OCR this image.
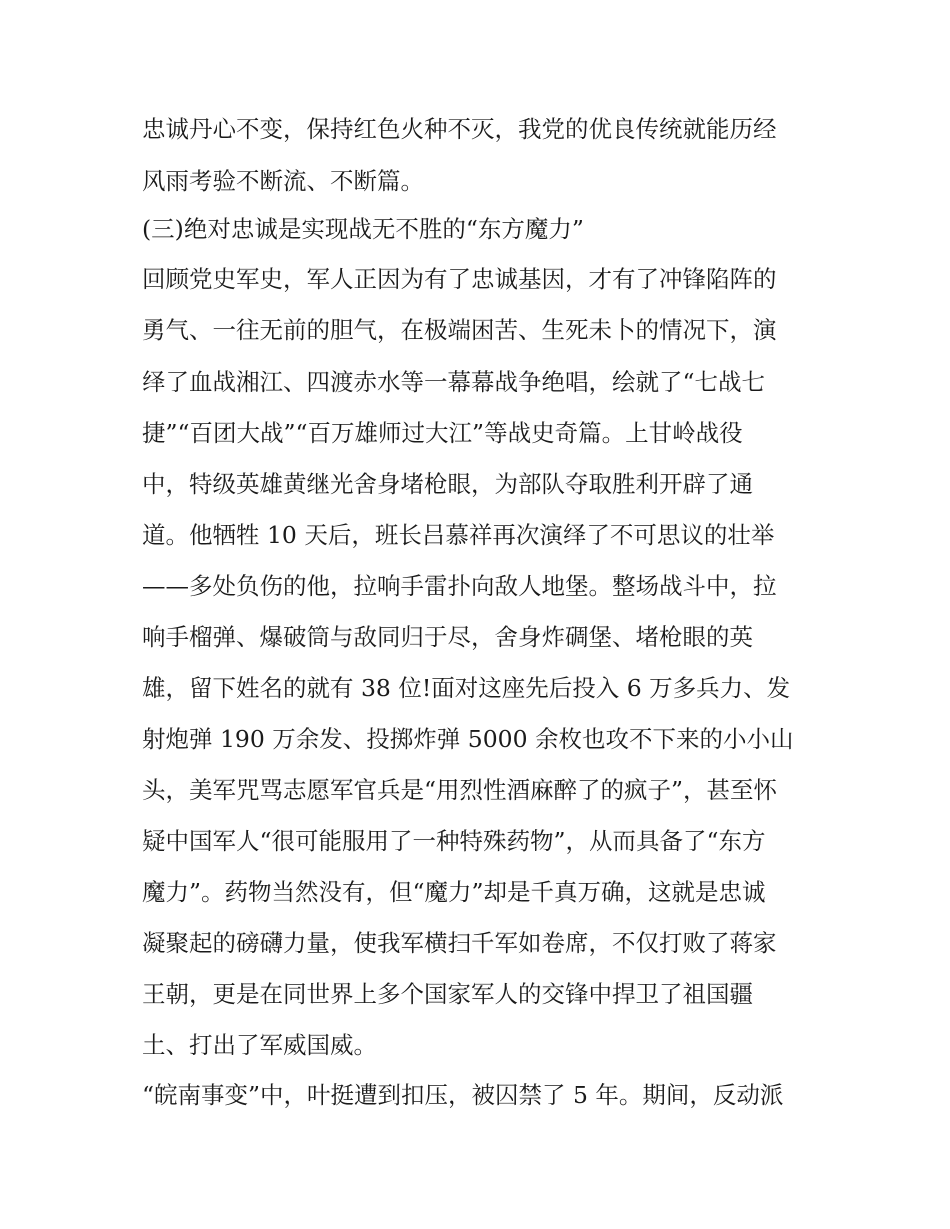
忠诚丹心不变，保持红色火种不灭，我党的优良传统就能历经
风雨考验不断流、不断篇。
(三)绝对忠诚是实现战无不胜的“东方魔力”
回顾党史军史，军人正因为有了忠诚基因，才有了冲锋陷阵的
勇气、一往无前的胆气，在极端困苦、生死未卜的情况下，演
绎了血战湘江、四渡赤水等一幕幕战争绝唱，绘就了“七战七
捷”“百团大战”“百万雄师过大江”等战史奇篇。上甘岭战役
中，特级英雄黄继光舍身堵枪眼，为部队夺取胜利开辟了通
道。他牺牲 10 天后，班长吕慕祥再次演绎了不可思议的壮举
——多处负伤的他，拉响手雷扑向敌人地堡。整场战斗中，拉
响手榴弹、爆破筒与敌同归于尽，舍身炸碉堡、堵枪眼的英
雄，留下姓名的就有 38 位!面对这座先后投入 6 万多兵力、发
射炮弹 190 万余发、投掷炸弹 5000 余枚也攻不下来的小小山
头，美军咒骂志愿军官兵是“用烈性酒麻醉了的疯子”，甚至怀
疑中国军人“很可能服用了一种特殊药物”，从而具备了“东方
魔力”。药物当然没有，但“魔力”却是千真万确，这就是忠诚
凝聚起的磅礴力量，使我军横扫千军如卷席，不仅打败了蒋家
王朝，更是在同世界上多个国家军人的交锋中捍卫了祖国疆
土、打出了军威国威。
“皖南事变”中，叶挺遭到扣压，被囚禁了 5 年。期间，反动派
